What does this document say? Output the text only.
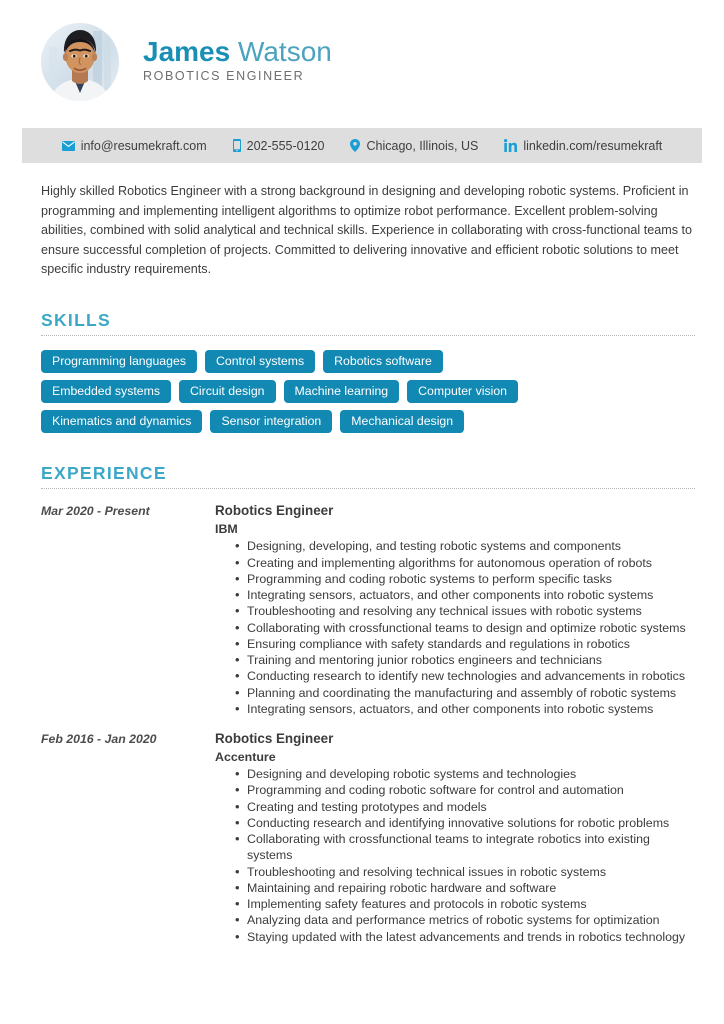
James Watson
ROBOTICS ENGINEER
info@resumekraft.com	202-555-0120	Chicago, Illinois, US	linkedin.com/resumekraft

Highly skilled Robotics Engineer with a strong background in designing and developing robotic systems. Proficient in programming and implementing intelligent algorithms to optimize robot performance. Excellent problem-solving abilities, combined with solid analytical and technical skills. Experience in collaborating with cross-functional teams to ensure successful completion of projects. Committed to delivering innovative and efficient robotic solutions to meet specific industry requirements.

SKILLS
Programming languages	Control systems	Robotics software
Embedded systems	Circuit design	Machine learning	Computer vision
Kinematics and dynamics	Sensor integration	Mechanical design
EXPERIENCE
Mar 2020 - Present	Robotics Engineer
IBM
• Designing, developing, and testing robotic systems and components
• Creating and implementing algorithms for autonomous operation of robots
• Programming and coding robotic systems to perform specific tasks
• Integrating sensors, actuators, and other components into robotic systems
• Troubleshooting and resolving any technical issues with robotic systems
• Collaborating with crossfunctional teams to design and optimize robotic systems
• Ensuring compliance with safety standards and regulations in robotics
• Training and mentoring junior robotics engineers and technicians
• Conducting research to identify new technologies and advancements in robotics
• Planning and coordinating the manufacturing and assembly of robotic systems
• Integrating sensors, actuators, and other components into robotic systems
Feb 2016 - Jan 2020	Robotics Engineer
Accenture
• Designing and developing robotic systems and technologies
• Programming and coding robotic software for control and automation
• Creating and testing prototypes and models
• Conducting research and identifying innovative solutions for robotic problems
• Collaborating with crossfunctional teams to integrate robotics into existing systems
• Troubleshooting and resolving technical issues in robotic systems
• Maintaining and repairing robotic hardware and software
• Implementing safety features and protocols in robotic systems
• Analyzing data and performance metrics of robotic systems for optimization
• Staying updated with the latest advancements and trends in robotics technology
